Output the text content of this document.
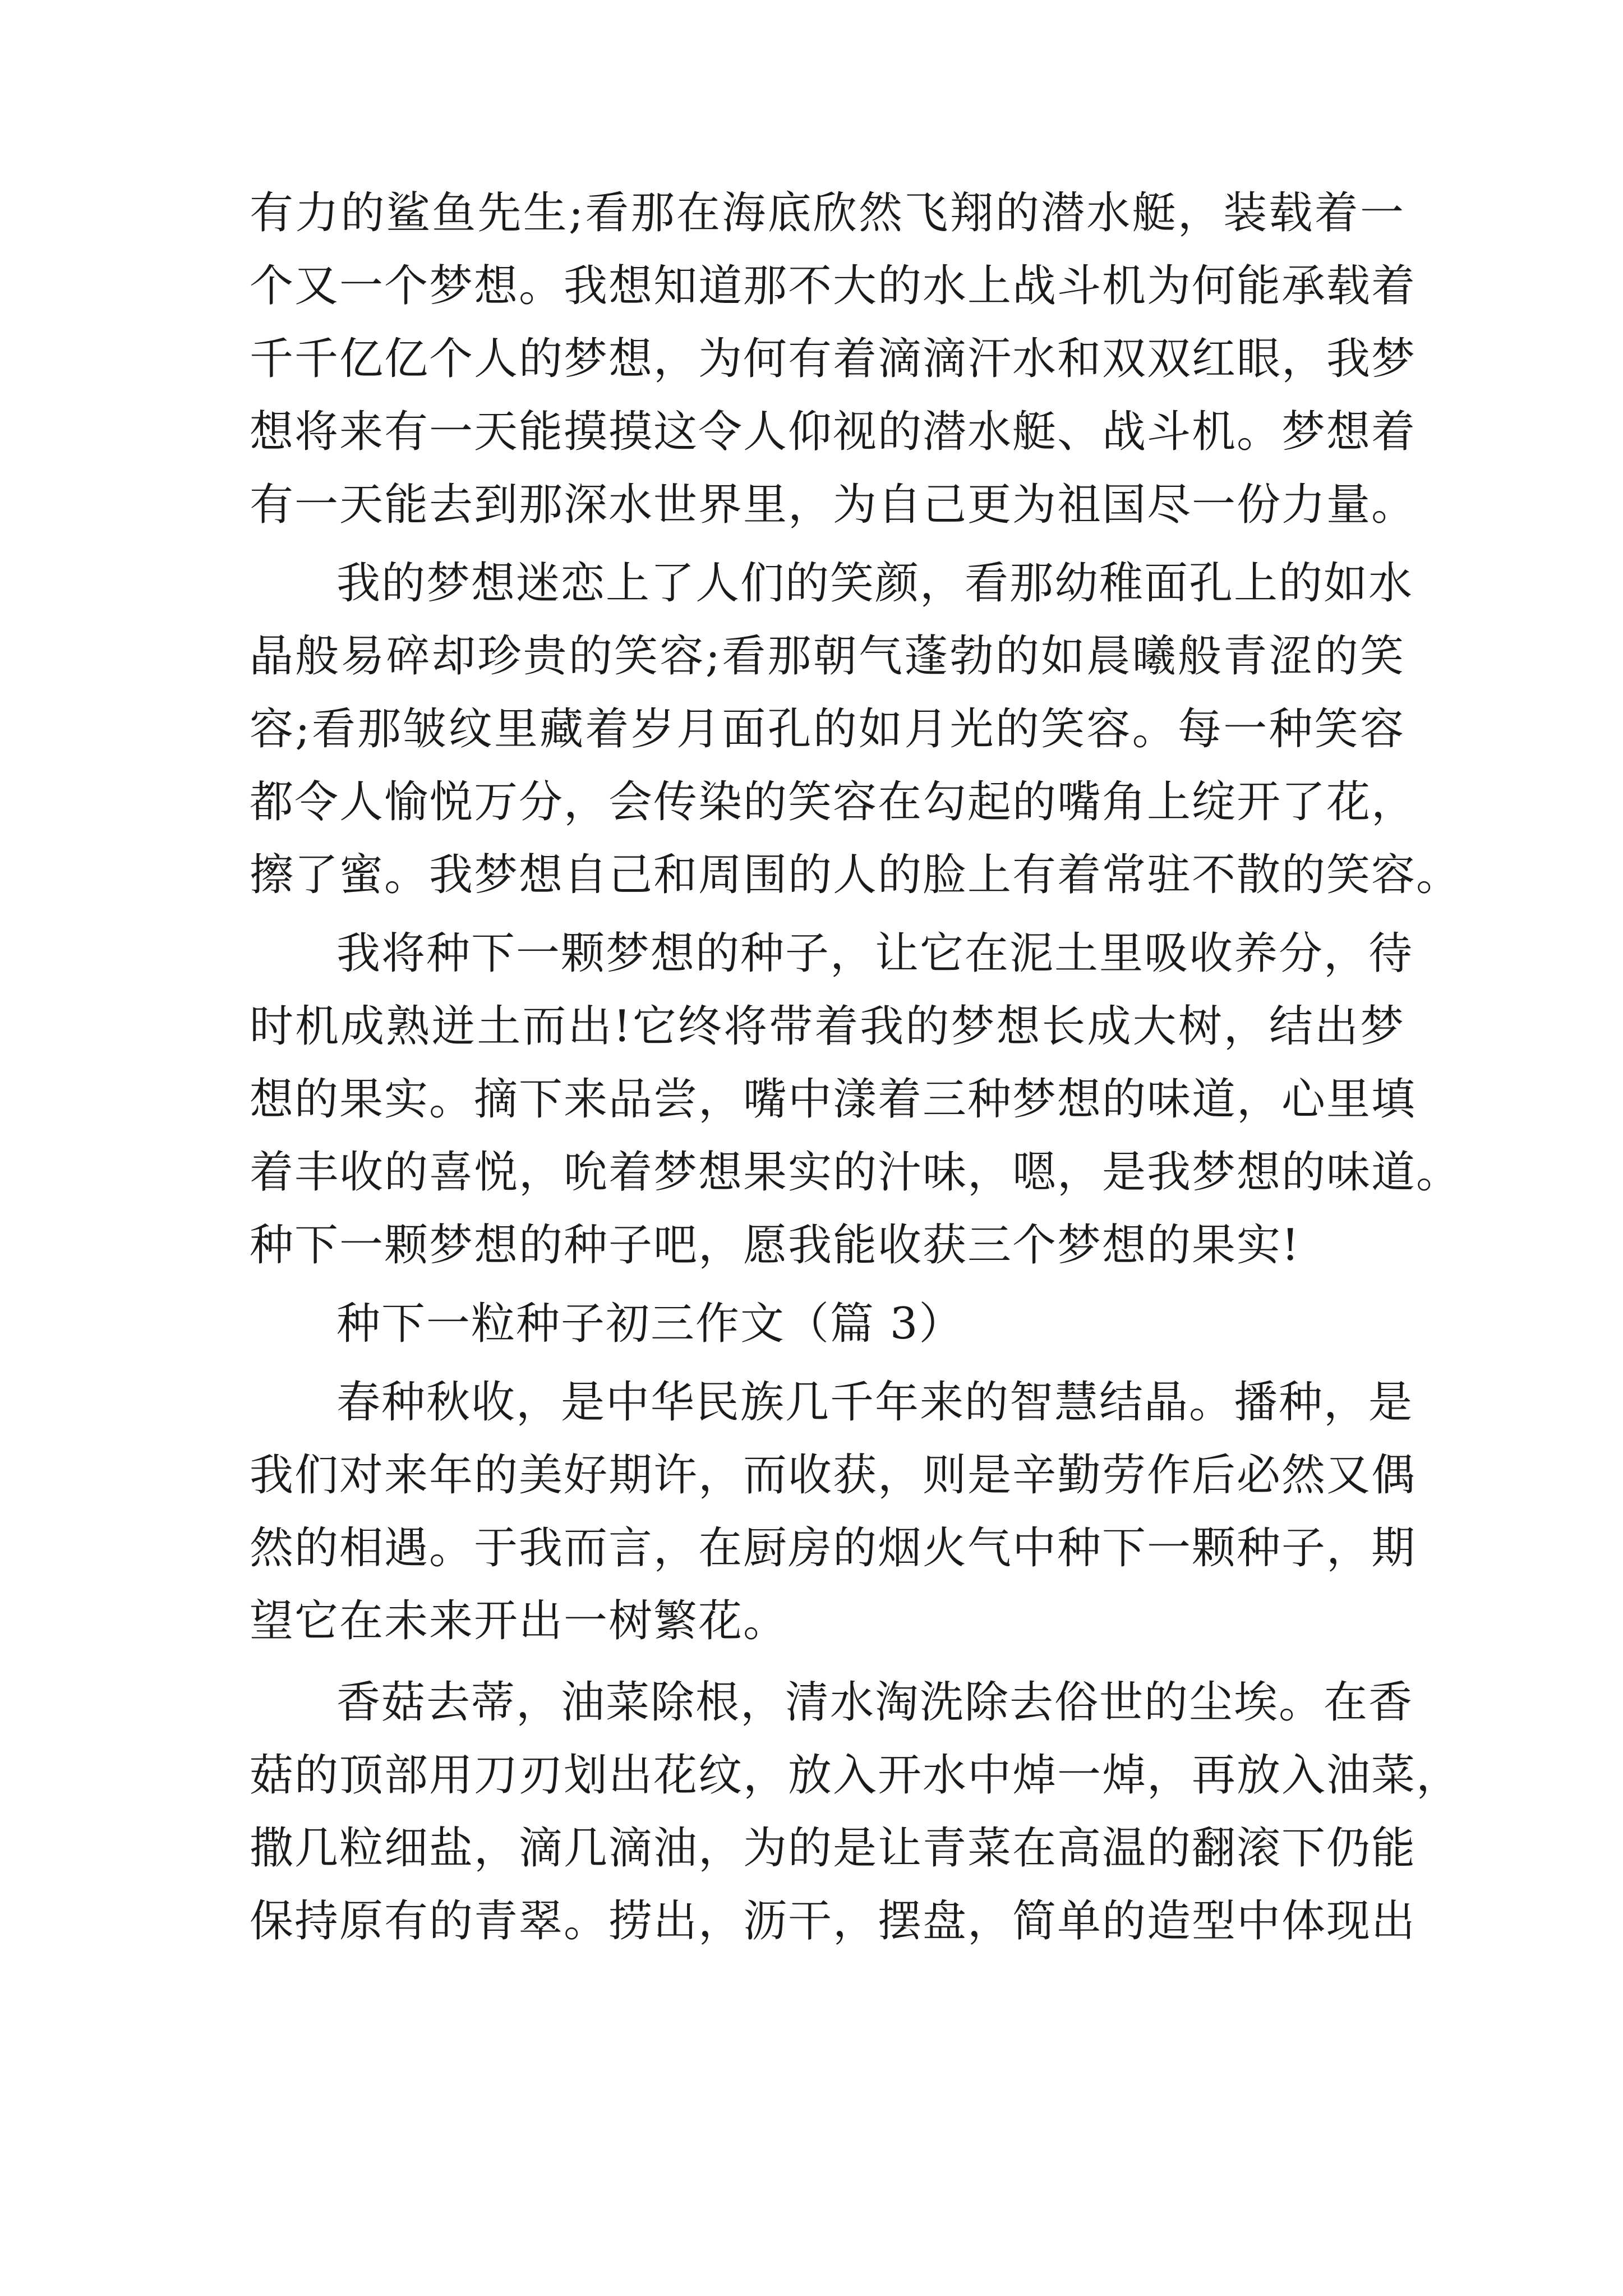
有力的鲨鱼先生;看那在海底欣然飞翔的潜水艇，装载着一
个又一个梦想。我想知道那不大的水上战斗机为何能承载着
千千亿亿个人的梦想，为何有着滴滴汗水和双双红眼，我梦
想将来有一天能摸摸这令人仰视的潜水艇、战斗机。梦想着
有一天能去到那深水世界里，为自己更为祖国尽一份力量。
我的梦想迷恋上了人们的笑颜，看那幼稚面孔上的如水
晶般易碎却珍贵的笑容;看那朝气蓬勃的如晨曦般青涩的笑
容;看那皱纹里藏着岁月面孔的如月光的笑容。每一种笑容
都令人愉悦万分，会传染的笑容在勾起的嘴角上绽开了花，
擦了蜜。我梦想自己和周围的人的脸上有着常驻不散的笑容。
我将种下一颗梦想的种子，让它在泥土里吸收养分，待
时机成熟迸土而出!它终将带着我的梦想长成大树，结出梦
想的果实。摘下来品尝，嘴中漾着三种梦想的味道，心里填
着丰收的喜悦，吮着梦想果实的汁味，嗯，是我梦想的味道。
种下一颗梦想的种子吧，愿我能收获三个梦想的果实!
种下一粒种子初三作文（篇 3）
春种秋收，是中华民族几千年来的智慧结晶。播种，是
我们对来年的美好期许，而收获，则是辛勤劳作后必然又偶
然的相遇。于我而言，在厨房的烟火气中种下一颗种子，期
望它在未来开出一树繁花。
香菇去蒂，油菜除根，清水淘洗除去俗世的尘埃。在香
菇的顶部用刀刃划出花纹，放入开水中焯一焯，再放入油菜，
撒几粒细盐，滴几滴油，为的是让青菜在高温的翻滚下仍能
保持原有的青翠。捞出，沥干，摆盘，简单的造型中体现出
